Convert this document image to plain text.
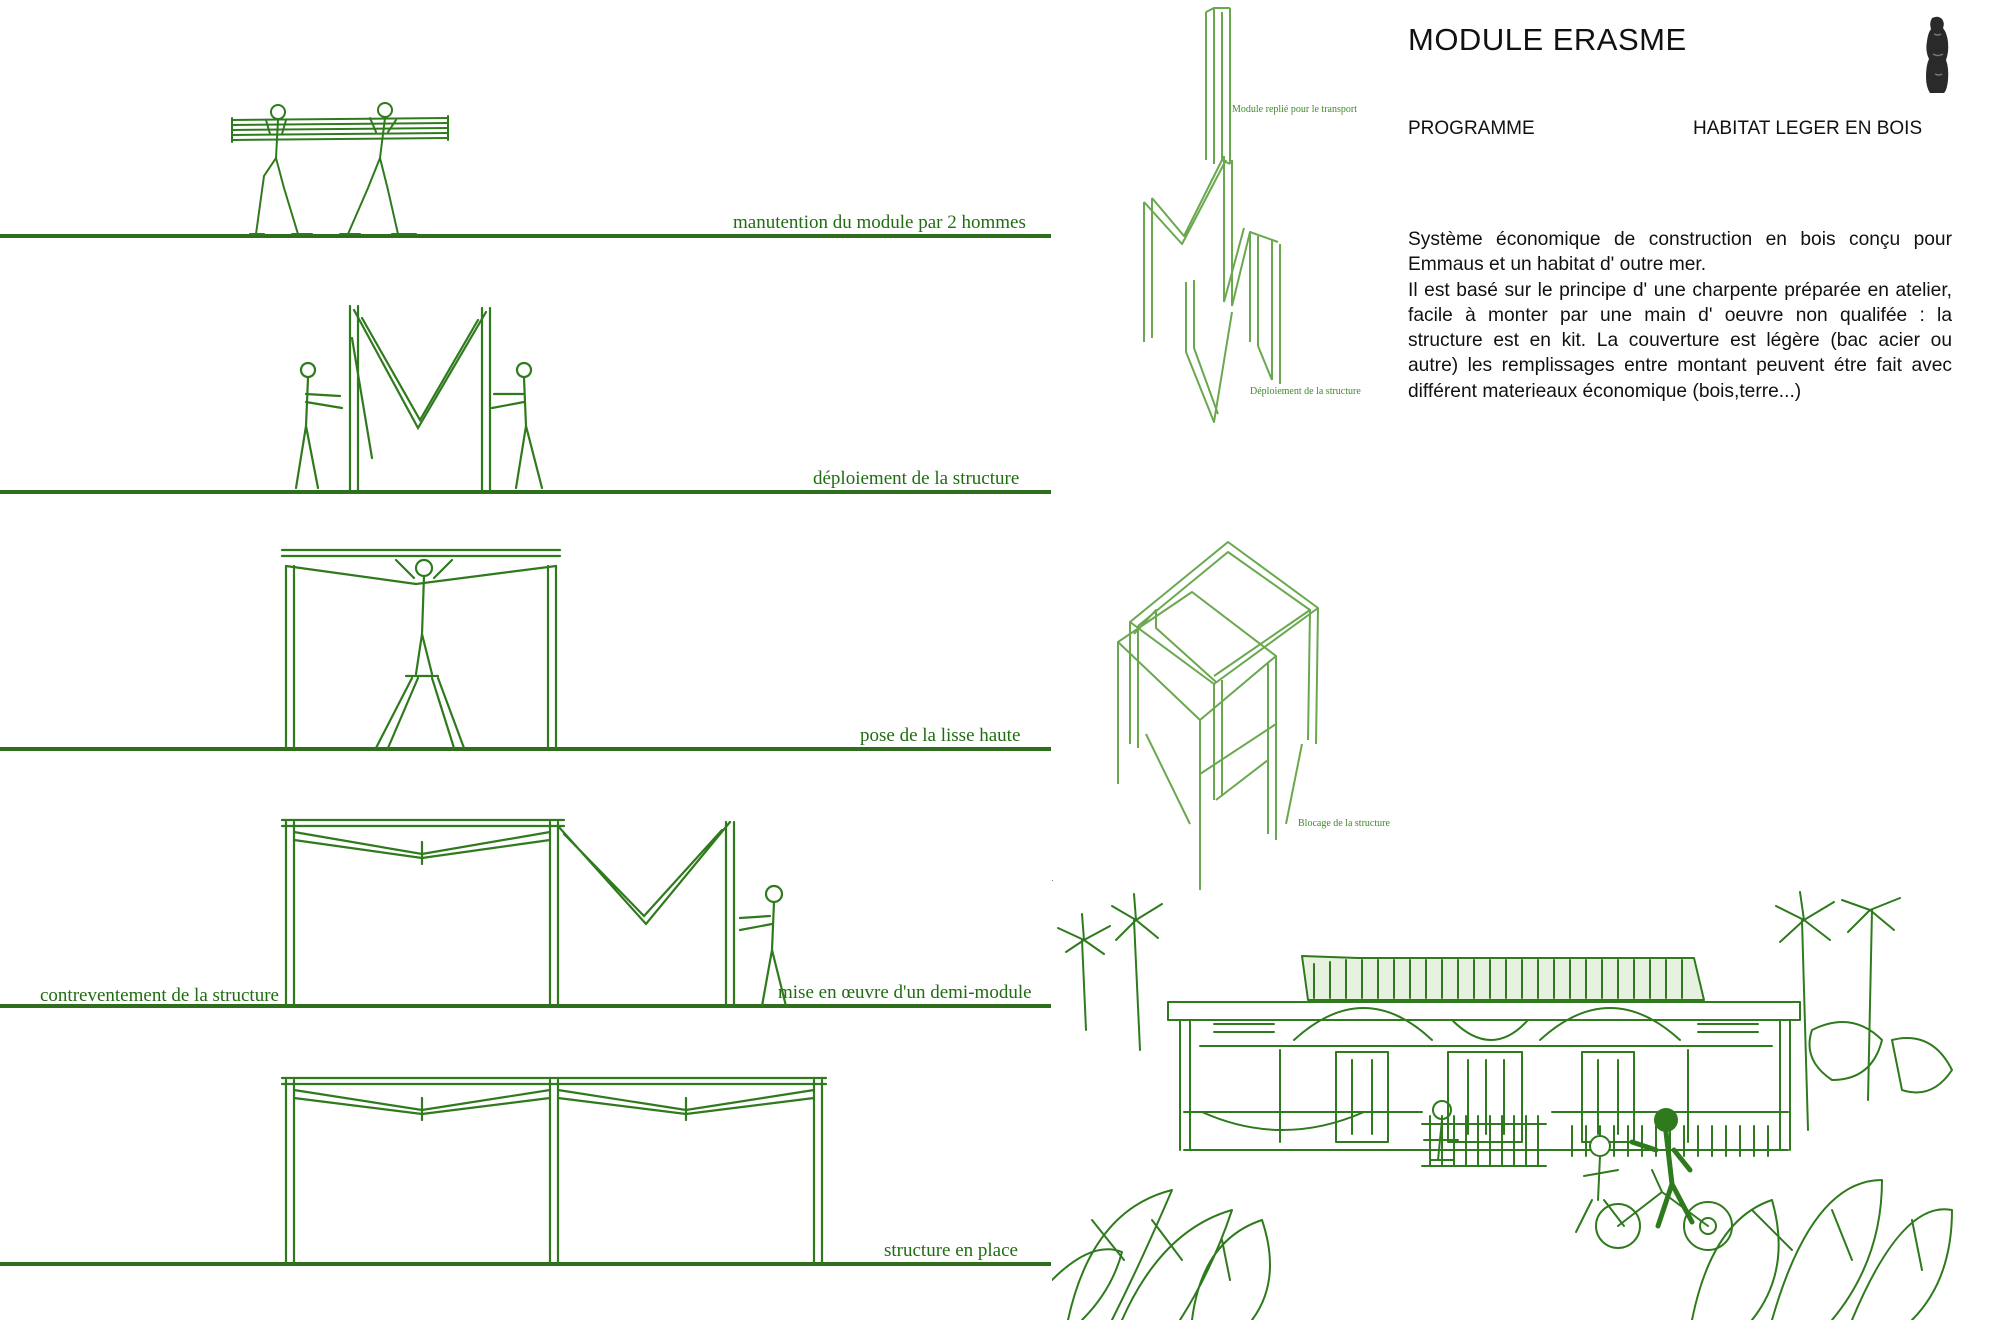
MODULE ERASME
PROGRAMME	HABITAT LEGER EN BOIS

Système économique de construction en bois conçu pour Emmaus et un habitat d' outre mer.

Il est basé sur le principe d' une charpente préparée en atelier, facile à monter par une main d' oeuvre non qualifée : la structure est en kit. La couverture est légère (bac acier ou autre) les remplissages entre montant peuvent étre fait avec différent materieaux économique (bois,terre...)

manutention du module par 2 hommes
déploiement de la structure
pose de la lisse haute
contreventement de la structure	mise en œuvre d'un demi-module
structure en place
Module replié pour le transport
Déploiement de la structure
Blocage de la structure
